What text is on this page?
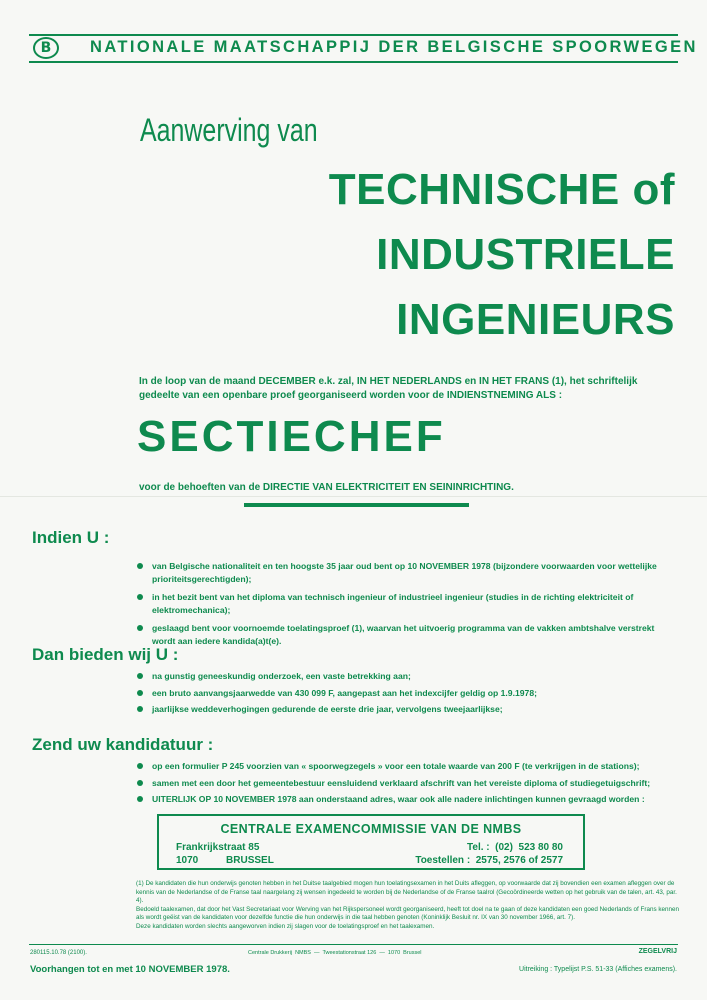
B	NATIONALE MAATSCHAPPIJ DER BELGISCHE SPOORWEGEN
Aanwerving van
TECHNISCHE of
INDUSTRIELE
INGENIEURS
In de loop van de maand DECEMBER e.k. zal, IN HET NEDERLANDS en IN HET FRANS (1), het schriftelijk gedeelte van een openbare proef georganiseerd worden voor de INDIENSTNEMING ALS :
SECTIECHEF
voor de behoeften van de DIRECTIE VAN ELEKTRICITEIT EN SEININRICHTING.
Indien U :
van Belgische nationaliteit en ten hoogste 35 jaar oud bent op 10 NOVEMBER 1978 (bijzondere voorwaarden voor wettelijke prioriteitsgerechtigden);
in het bezit bent van het diploma van technisch ingenieur of industrieel ingenieur (studies in de richting elektriciteit of elektromechanica);
geslaagd bent voor voornoemde toelatingsproef (1), waarvan het uitvoerig programma van de vakken ambtshalve verstrekt wordt aan iedere kandida(a)t(e).
Dan bieden wij U :
na gunstig geneeskundig onderzoek, een vaste betrekking aan;
een bruto aanvangsjaarwedde van 430 099 F, aangepast aan het indexcijfer geldig op 1.9.1978;
jaarlijkse weddeverhogingen gedurende de eerste drie jaar, vervolgens tweejaarlijkse;
Zend uw kandidatuur :
op een formulier P 245 voorzien van « spoorwegzegels » voor een totale waarde van 200 F (te verkrijgen in de stations);
samen met een door het gemeentebestuur eensluidend verklaard afschrift van het vereiste diploma of studiegetuigschrift;
UITERLIJK OP 10 NOVEMBER 1978 aan onderstaand adres, waar ook alle nadere inlichtingen kunnen gevraagd worden :
CENTRALE EXAMENCOMMISSIE VAN DE NMBS
Frankrijkstraat 85
1070          BRUSSEL
Tel. :  (02)  523 80 80
Toestellen :  2575, 2576 of 2577

(1) De kandidaten die hun onderwijs genoten hebben in het Duitse taalgebied mogen hun toelatingsexamen in het Duits afleggen, op voorwaarde dat zij bovendien een examen afleggen over de kennis van de Nederlandse of de Franse taal naargelang zij wensen ingedeeld te worden bij de Nederlandse of de Franse taalrol (Gecoördineerde wetten op het gebruik van de talen, art. 43, par. 4).

Bedoeld taalexamen, dat door het Vast Secretariaat voor Werving van het Rijkspersoneel wordt georganiseerd, heeft tot doel na te gaan of deze kandidaten een goed Nederlands of Frans kennen als wordt geëist van de kandidaten voor dezelfde functie die hun onderwijs in die taal hebben genoten (Koninklijk Besluit nr. IX van 30 november 1966, art. 7).

Deze kandidaten worden slechts aangeworven indien zij slagen voor de toelatingsproef en het taalexamen.

280115.10.78 (2100).	Centrale Drukkerij  NMBS  —  Tweestationstraat 126  —  1070  Brussel	ZEGELVRIJ
Voorhangen tot en met 10 NOVEMBER 1978.	Uitreiking : Typelijst P.S. 51-33 (Affiches examens).
